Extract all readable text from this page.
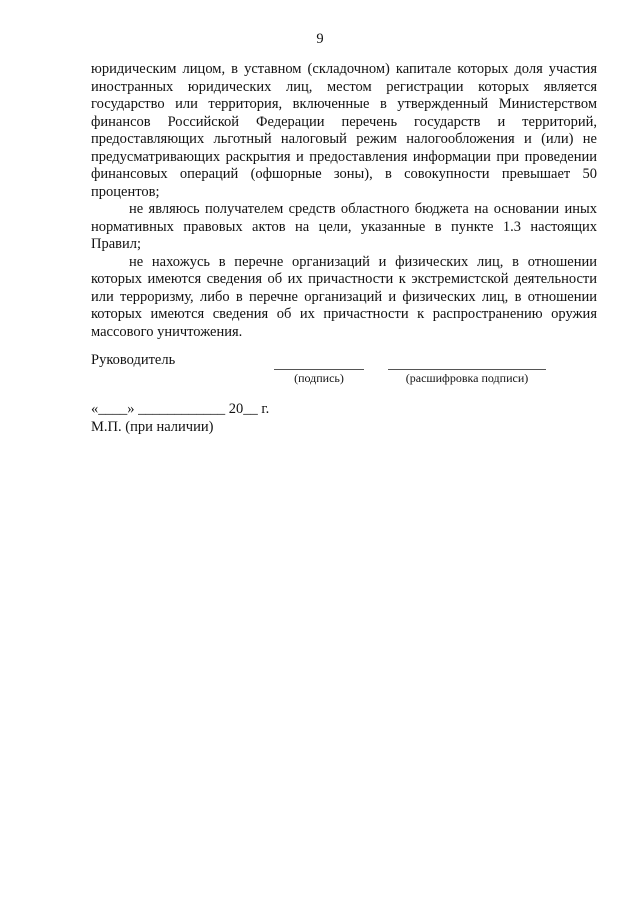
9

юридическим лицом, в уставном (складочном) капитале которых доля участия иностранных юридических лиц, местом регистрации которых является государство или территория, включенные в утвержденный Министерством финансов Российской Федерации перечень государств и территорий, предоставляющих льготный налоговый режим налогообложения и (или) не предусматривающих раскрытия и предоставления информации при проведении финансовых операций (офшорные зоны), в совокупности превышает 50 процентов;

не являюсь получателем средств областного бюджета на основании иных нормативных правовых актов на цели, указанные в пункте 1.3 настоящих Правил;

не нахожусь в перечне организаций и физических лиц, в отношении которых имеются сведения об их причастности к экстремистской деятельности или терроризму, либо в перечне организаций и физических лиц, в отношении которых имеются сведения об их причастности к распространению оружия массового уничтожения.

Руководитель
(подпись)	(расшифровка подписи)
«____» ____________ 20__ г.
М.П. (при наличии)
